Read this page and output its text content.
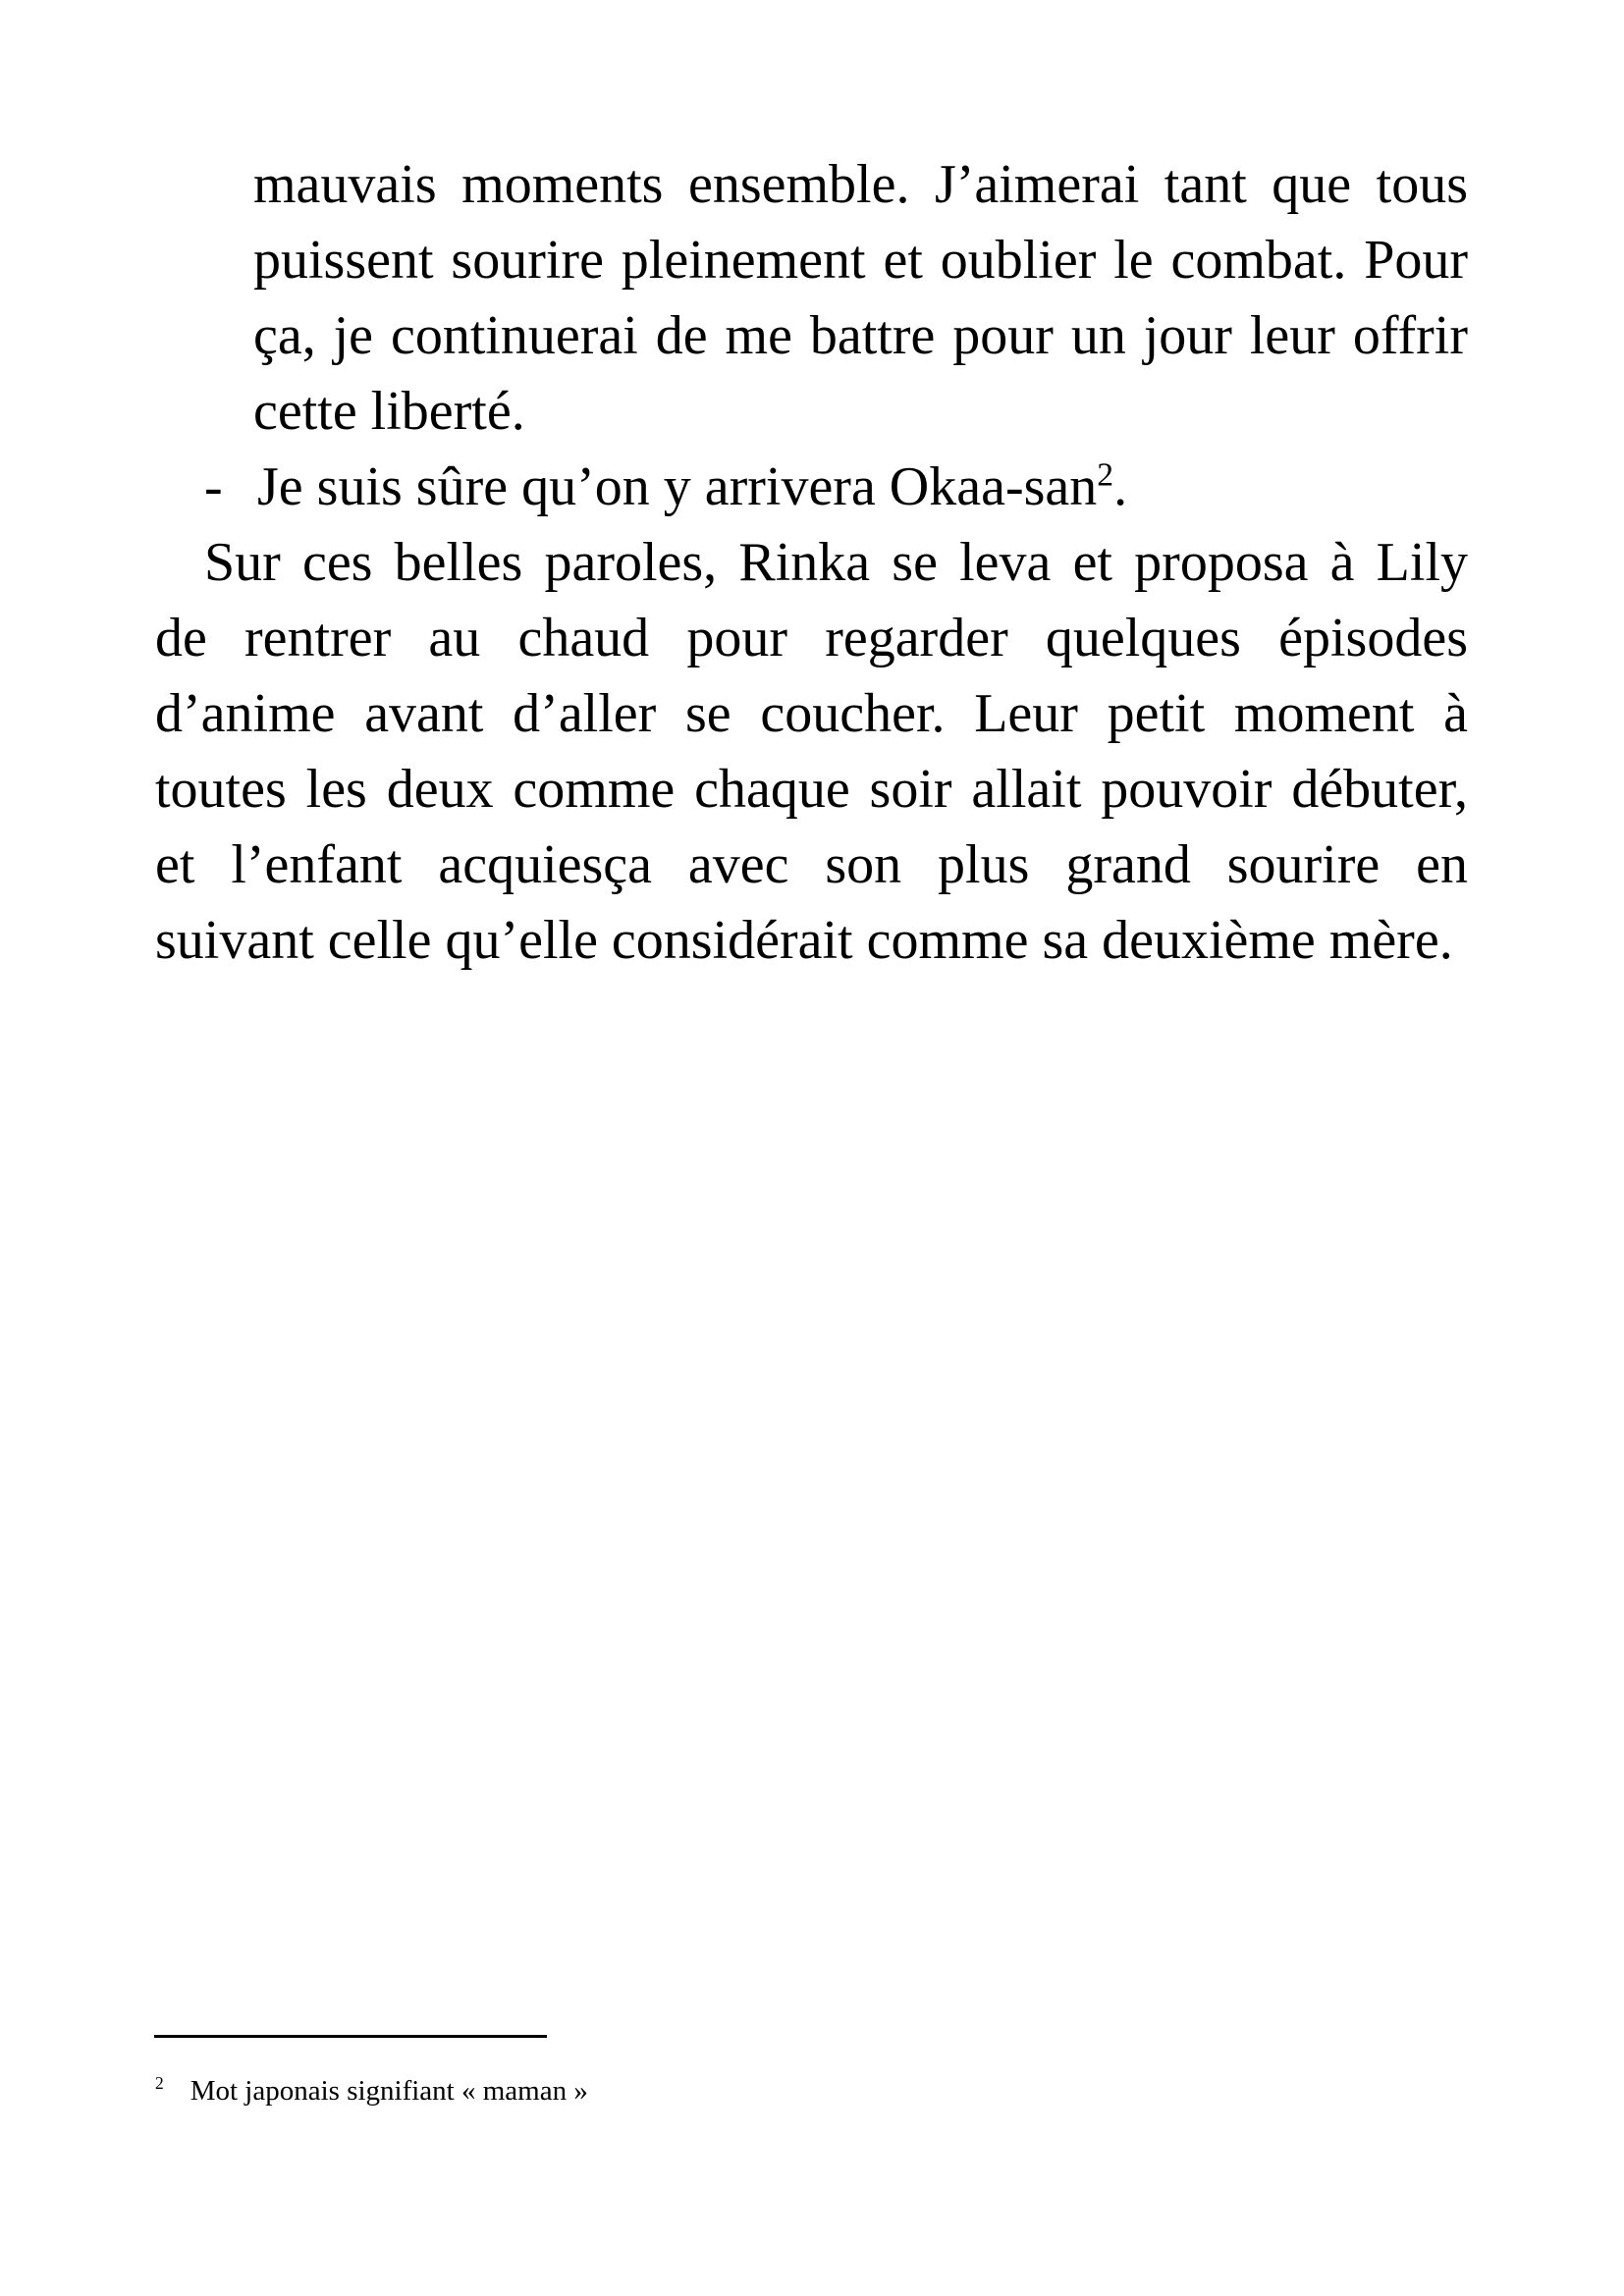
mauvais moments ensemble. J’aimerai tant que tous
puissent sourire pleinement et oublier le combat. Pour
ça, je continuerai de me battre pour un jour leur offrir
cette liberté.
- Je suis sûre qu’on y arrivera Okaa-san$^2$.
Sur ces belles paroles, Rinka se leva et proposa à Lily
de rentrer au chaud pour regarder quelques épisodes
d’anime avant d’aller se coucher. Leur petit moment à
toutes les deux comme chaque soir allait pouvoir débuter,
et l’enfant acquiesça avec son plus grand sourire en
suivant celle qu’elle considérait comme sa deuxième mère.
$^2$ Mot japonais signifiant « maman »
